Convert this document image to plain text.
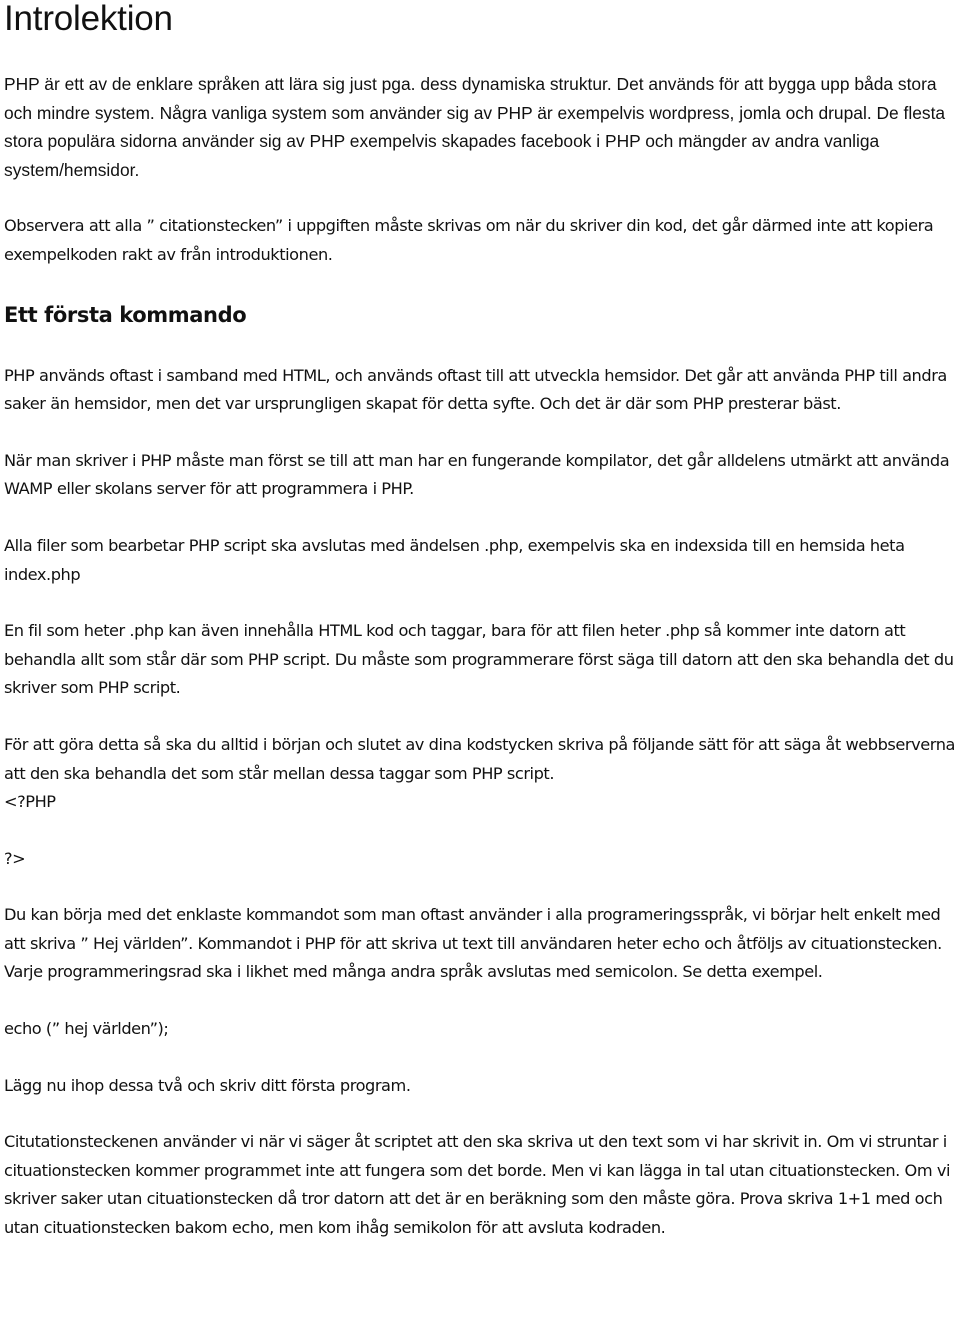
Introlektion

PHP är ett av de enklare språken att lära sig just pga. dess dynamiska struktur. Det används för att bygga upp båda stora och mindre system. Några vanliga system som använder sig av PHP är exempelvis wordpress, jomla och drupal. De flesta stora populära sidorna använder sig av PHP exempelvis skapades facebook i PHP och mängder av andra vanliga system/hemsidor.

Observera att alla ” citationstecken” i uppgiften måste skrivas om när du skriver din kod, det går därmed inte att kopiera exempelkoden rakt av från introduktionen.

Ett första kommando

PHP används oftast i samband med HTML, och används oftast till att utveckla hemsidor. Det går att använda PHP till andra saker än hemsidor, men det var ursprungligen skapat för detta syfte. Och det är där som PHP presterar bäst.

När man skriver i PHP måste man först se till att man har en fungerande kompilator, det går alldelens utmärkt att använda WAMP eller skolans server för att programmera i PHP.

Alla filer som bearbetar PHP script ska avslutas med ändelsen .php, exempelvis ska en indexsida till en hemsida heta index.php

En fil som heter .php kan även innehålla HTML kod och taggar, bara för att filen heter .php så kommer inte datorn att behandla allt som står där som PHP script. Du måste som programmerare först säga till datorn att den ska behandla det du skriver som PHP script.

För att göra detta så ska du alltid i början och slutet av dina kodstycken skriva på följande sätt för att säga åt webbserverna att den ska behandla det som står mellan dessa taggar som PHP script.

<?PHP

?>

Du kan börja med det enklaste kommandot som man oftast använder i alla programeringsspråk, vi börjar helt enkelt med att skriva ” Hej världen”. Kommandot i PHP för att skriva ut text till användaren heter echo och åtföljs av cituationstecken. Varje programmeringsrad ska i likhet med många andra språk avslutas med semicolon. Se detta exempel.

echo (” hej världen”);

Lägg nu ihop dessa två och skriv ditt första program.

Citutationsteckenen använder vi när vi säger åt scriptet att den ska skriva ut den text som vi har skrivit in. Om vi struntar i cituationstecken kommer programmet inte att fungera som det borde. Men vi kan lägga in tal utan cituationstecken. Om vi skriver saker utan cituationstecken då tror datorn att det är en beräkning som den måste göra. Prova skriva 1+1 med och utan cituationstecken bakom echo, men kom ihåg semikolon för att avsluta kodraden.
